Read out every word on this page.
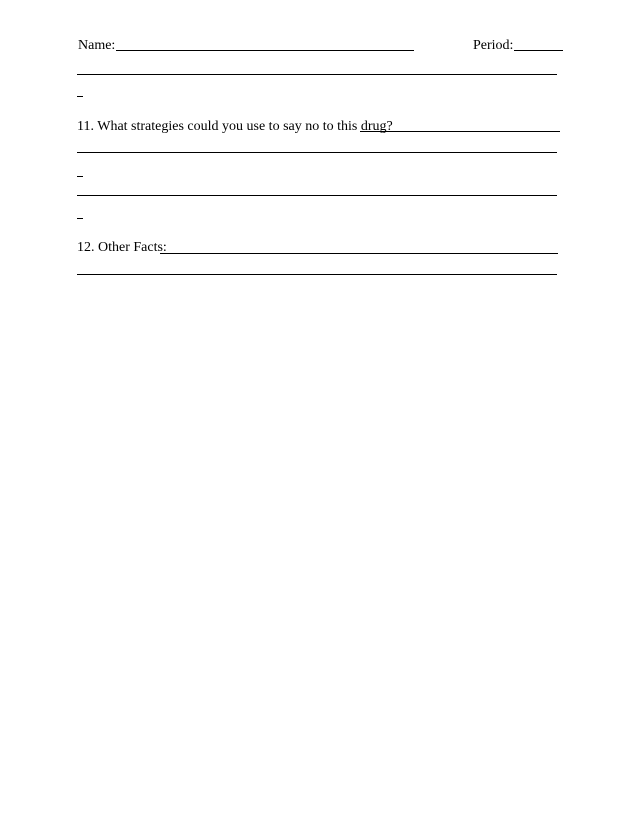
Name:	Period:
11. What strategies could you use to say no to this drug?
12. Other Facts:
